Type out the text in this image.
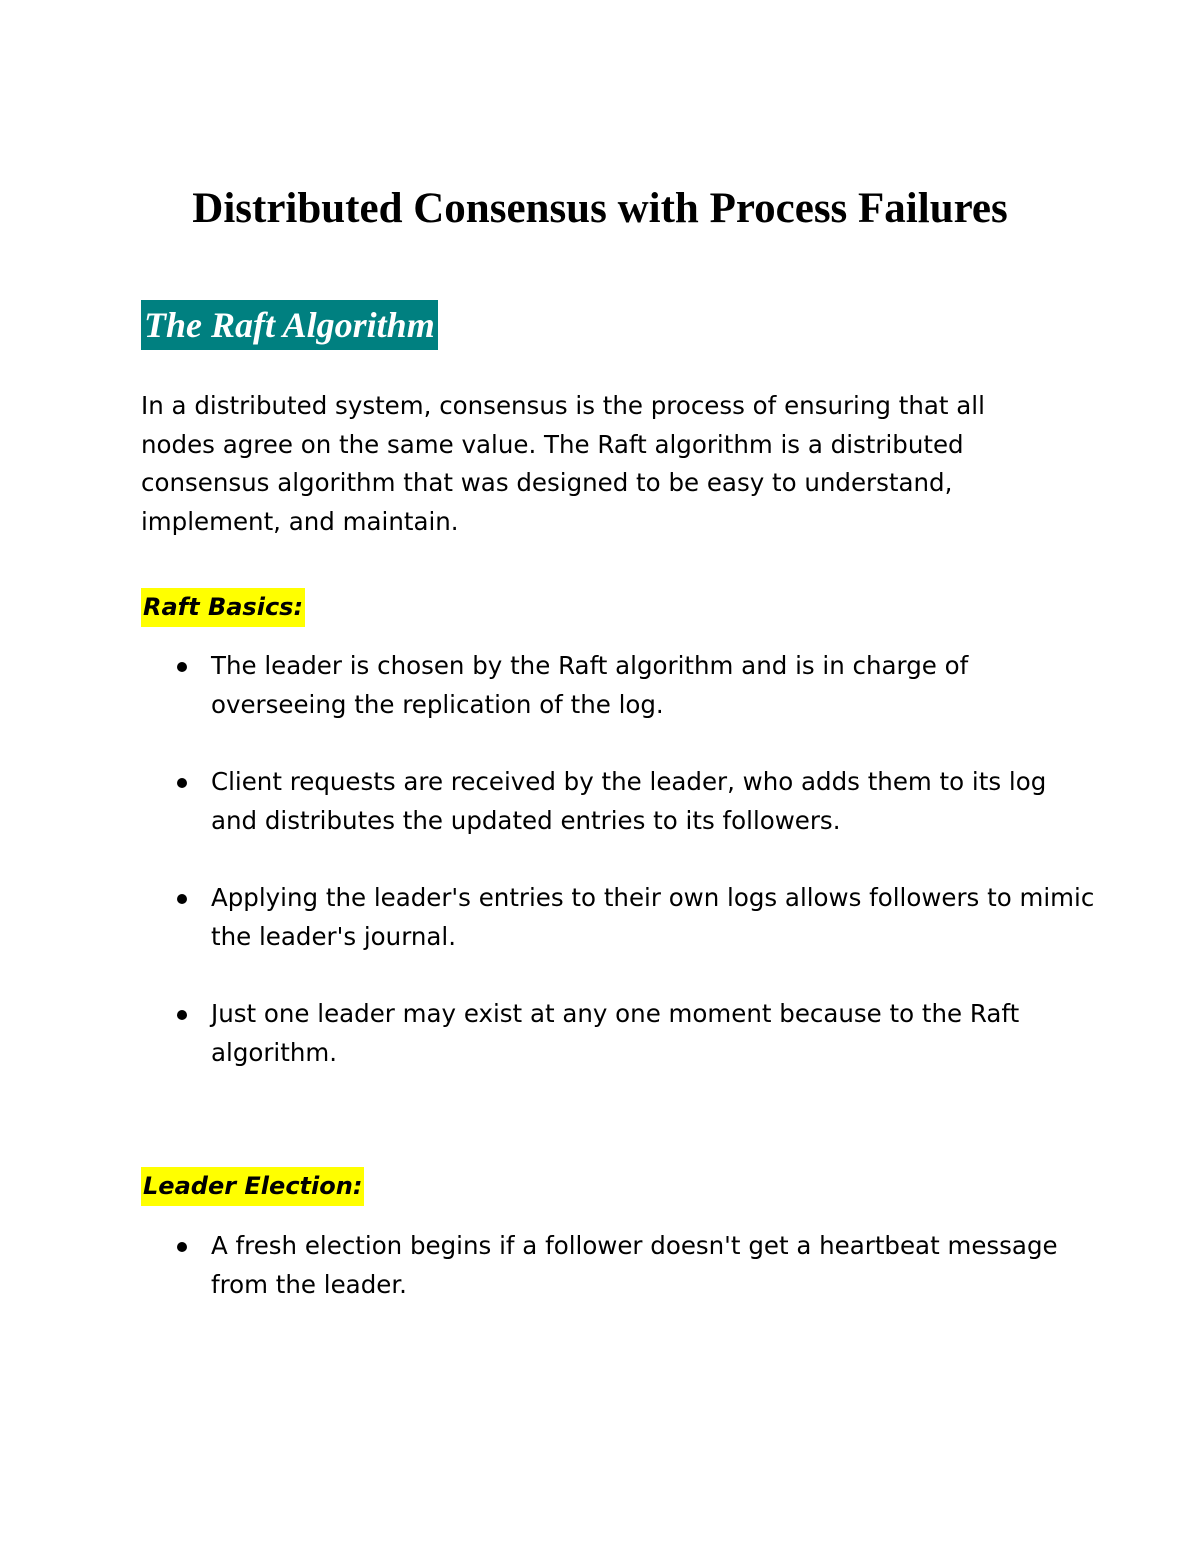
Distributed Consensus with Process Failures
The Raft Algorithm

In a distributed system, consensus is the process of ensuring that all nodes agree on the same value. The Raft algorithm is a distributed consensus algorithm that was designed to be easy to understand, implement, and maintain.

Raft Basics:
The leader is chosen by the Raft algorithm and is in charge of overseeing the replication of the log.
Client requests are received by the leader, who adds them to its log and distributes the updated entries to its followers.
Applying the leader's entries to their own logs allows followers to mimic the leader's journal.
Just one leader may exist at any one moment because to the Raft algorithm.
Leader Election:
A fresh election begins if a follower doesn't get a heartbeat message from the leader.
